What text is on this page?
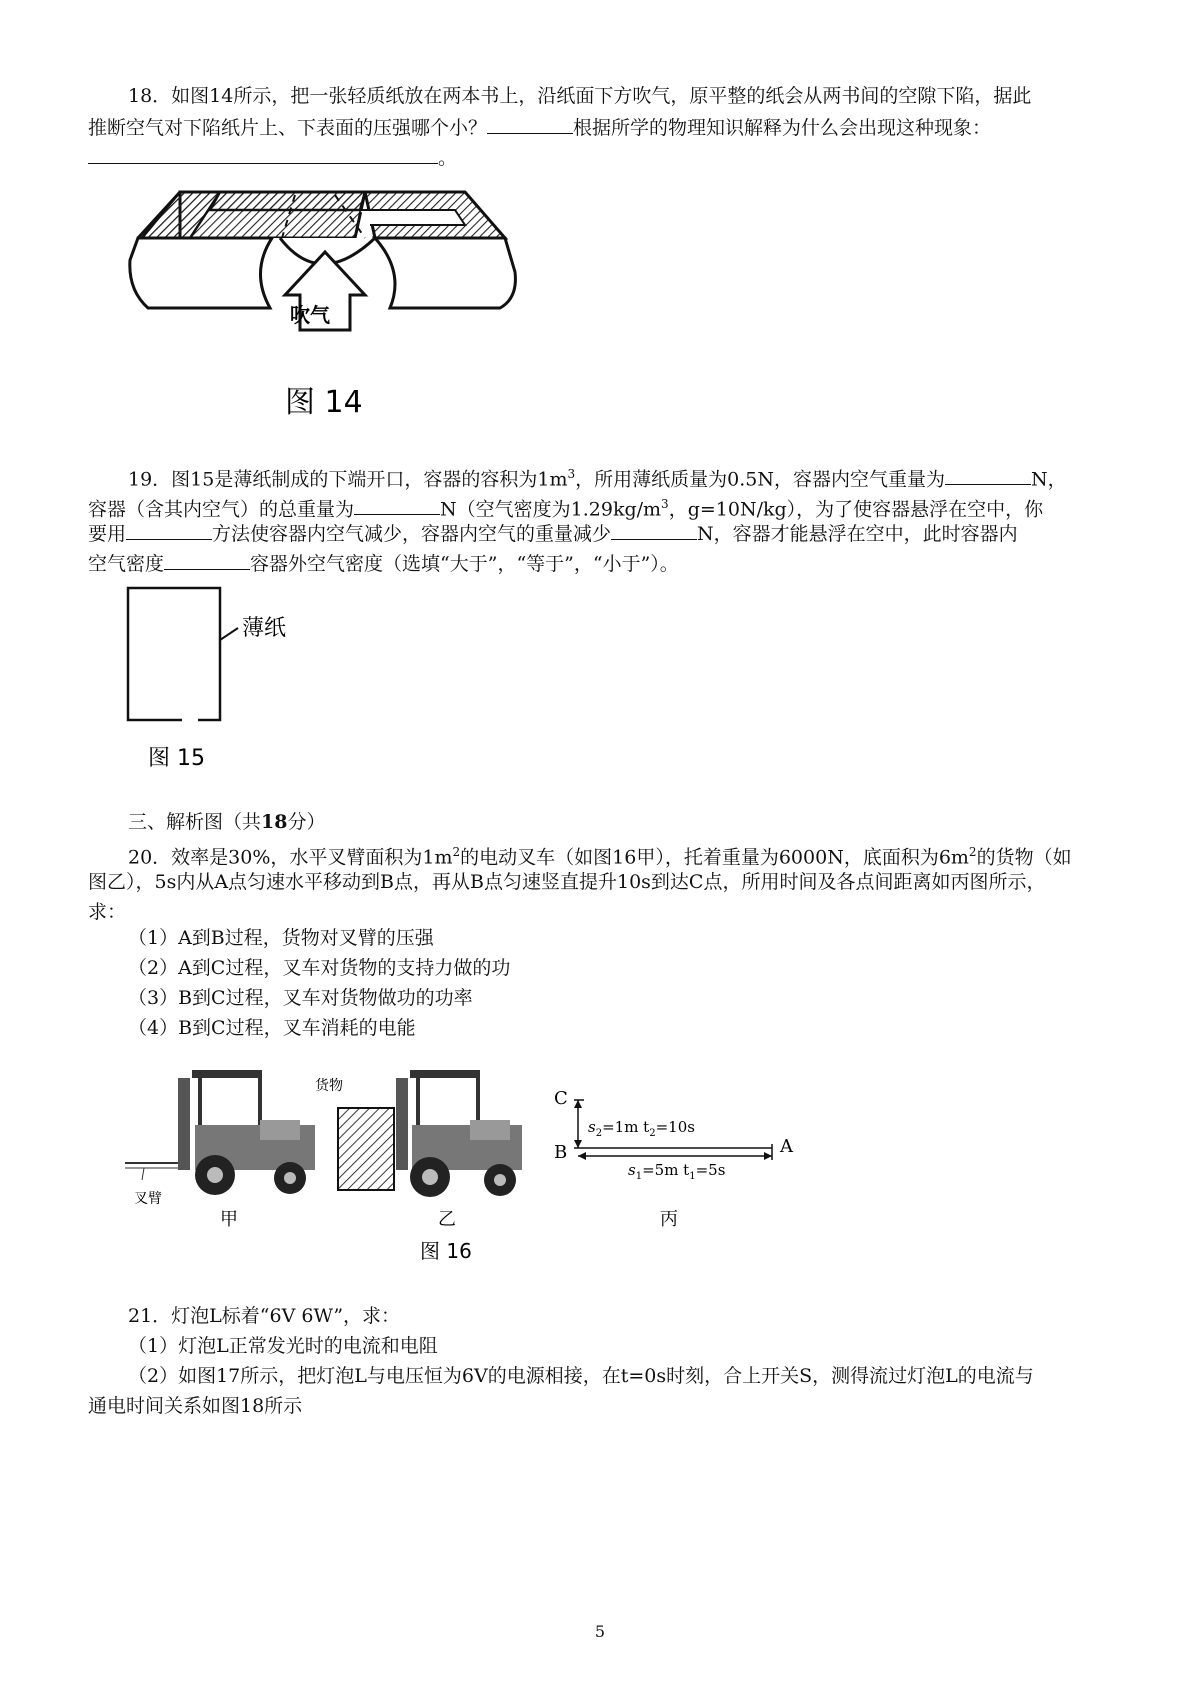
18．如图14所示，把一张轻质纸放在两本书上，沿纸面下方吹气，原平整的纸会从两书间的空隙下陷，据此
推断空气对下陷纸片上、下表面的压强哪个小？	根据所学的物理知识解释为什么会出现这种现象：
。
吹气
图 14
19．图15是薄纸制成的下端开口，容器的容积为$1m^3$，所用薄纸质量为0.5N，容器内空气重量为	N，
容器（含其内空气）的总重量为	N（空气密度为$1.29kg/m^3$，g=10N/kg），为了使容器悬浮在空中，你
要用	方法使容器内空气减少，容器内空气的重量减少	N，容器才能悬浮在空中，此时容器内
空气密度	容器外空气密度（选填“大于”，“等于”，“小于”）。
薄纸
图 15
三、解析图（共18分）
20．效率是30%，水平叉臂面积为$1m^2$的电动叉车（如图16甲），托着重量为6000N，底面积为$6m^2$的货物（如
图乙），5s内从A点匀速水平移动到B点，再从B点匀速竖直提升10s到达C点，所用时间及各点间距离如丙图所示，
求：
（1）A到B过程，货物对叉臂的压强
（2）A到C过程，叉车对货物的支持力做的功
（3）B到C过程，叉车对货物做功的功率
（4）B到C过程，叉车消耗的电能
叉臂
货物
C
B	A
$s_2=1m$ $t_2=10s$
$s_1=5m$ $t_1=5s$
甲	乙	丙
图 16
21．灯泡L标着“6V 6W”，求：
（1）灯泡L正常发光时的电流和电阻
（2）如图17所示，把灯泡L与电压恒为6V的电源相接，在t=0s时刻，合上开关S，测得流过灯泡L的电流与
通电时间关系如图18所示
5
